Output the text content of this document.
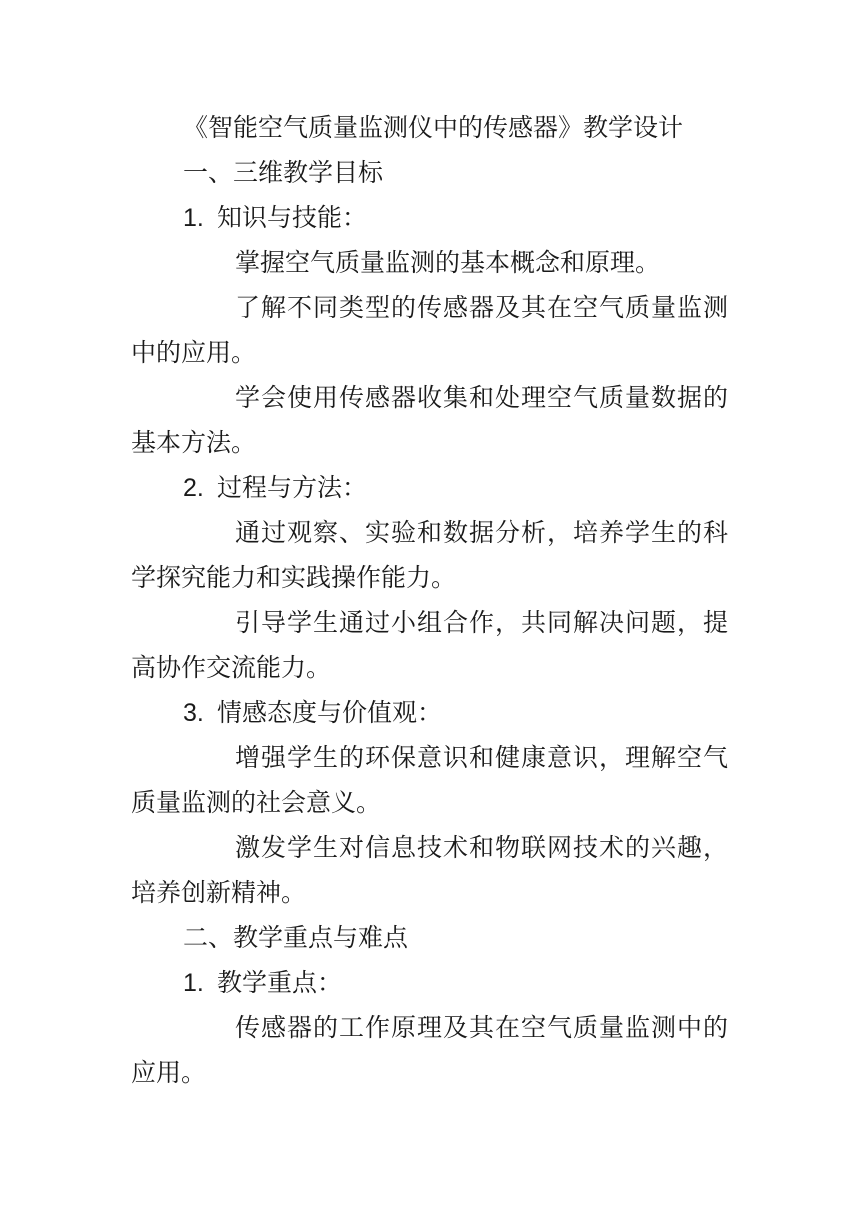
《智能空气质量监测仪中的传感器》教学设计
一、三维教学目标
1. 知识与技能：
掌握空气质量监测的基本概念和原理。
了解不同类型的传感器及其在空气质量监测
中的应用。
学会使用传感器收集和处理空气质量数据的
基本方法。
2. 过程与方法：
通过观察、实验和数据分析，培养学生的科
学探究能力和实践操作能力。
引导学生通过小组合作，共同解决问题，提
高协作交流能力。
3. 情感态度与价值观：
增强学生的环保意识和健康意识，理解空气
质量监测的社会意义。
激发学生对信息技术和物联网技术的兴趣，
培养创新精神。
二、教学重点与难点
1. 教学重点：
传感器的工作原理及其在空气质量监测中的
应用。
